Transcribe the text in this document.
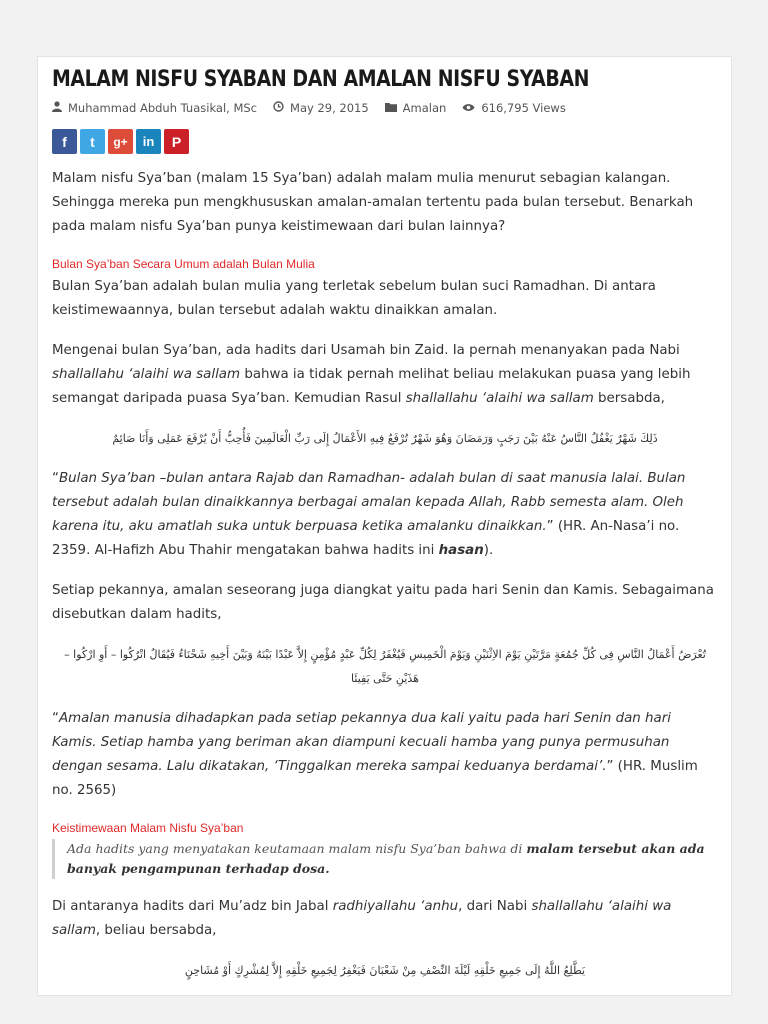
MALAM NISFU SYABAN DAN AMALAN NISFU SYABAN
Muhammad Abduh Tuasikal, MSc	May 29, 2015	Amalan	616,795 Views
f	t	g+	in	P

Malam nisfu Sya’ban (malam 15 Sya’ban) adalah malam mulia menurut sebagian kalangan. Sehingga mereka pun mengkhususkan amalan-amalan tertentu pada bulan tersebut. Benarkah pada malam nisfu Sya’ban punya keistimewaan dari bulan lainnya?

Bulan Sya’ban Secara Umum adalah Bulan Mulia

Bulan Sya’ban adalah bulan mulia yang terletak sebelum bulan suci Ramadhan. Di antara keistimewaannya, bulan tersebut adalah waktu dinaikkan amalan.

Mengenai bulan Sya’ban, ada hadits dari Usamah bin Zaid. Ia pernah menanyakan pada Nabi shallallahu ‘alaihi wa sallam bahwa ia tidak pernah melihat beliau melakukan puasa yang lebih semangat daripada puasa Sya’ban. Kemudian Rasul shallallahu ‘alaihi wa sallam bersabda,

ذَلِكَ شَهْرٌ يَغْفُلُ النَّاسُ عَنْهُ بَيْنَ رَجَبٍ وَرَمَضَانَ وَهُوَ شَهْرٌ تُرْفَعُ فِيهِ الأَعْمَالُ إِلَى رَبِّ الْعَالَمِينَ فَأُحِبُّ أَنْ يُرْفَعَ عَمَلِى وَأَنَا صَائِمٌ

“Bulan Sya’ban –bulan antara Rajab dan Ramadhan- adalah bulan di saat manusia lalai. Bulan tersebut adalah bulan dinaikkannya berbagai amalan kepada Allah, Rabb semesta alam. Oleh karena itu, aku amatlah suka untuk berpuasa ketika amalanku dinaikkan.” (HR. An-Nasa’i no. 2359. Al-Hafizh Abu Thahir mengatakan bahwa hadits ini hasan).

Setiap pekannya, amalan seseorang juga diangkat yaitu pada hari Senin dan Kamis. Sebagaimana disebutkan dalam hadits,

تُعْرَضُ أَعْمَالُ النَّاسِ فِى كُلِّ جُمُعَةٍ مَرَّتَيْنِ يَوْمَ الاِثْنَيْنِ وَيَوْمَ الْخَمِيسِ فَيُغْفَرُ لِكُلِّ عَبْدٍ مُؤْمِنٍ إِلاَّ عَبْدًا بَيْنَهُ وَبَيْنَ أَخِيهِ شَحْنَاءُ فَيُقَالُ اتْرُكُوا – أَوِ ارْكُوا – هَذَيْنِ حَتَّى يَفِيئَا

“Amalan manusia dihadapkan pada setiap pekannya dua kali yaitu pada hari Senin dan hari Kamis. Setiap hamba yang beriman akan diampuni kecuali hamba yang punya permusuhan dengan sesama. Lalu dikatakan, ‘Tinggalkan mereka sampai keduanya berdamai’.” (HR. Muslim no. 2565)

Keistimewaan Malam Nisfu Sya’ban
Ada hadits yang menyatakan keutamaan malam nisfu Sya’ban bahwa di malam tersebut akan ada banyak pengampunan terhadap dosa.

Di antaranya hadits dari Mu’adz bin Jabal radhiyallahu ‘anhu, dari Nabi shallallahu ‘alaihi wa sallam, beliau bersabda,

يَطَّلِعُ اللَّهُ إِلَى جَمِيعِ خَلْقِهِ لَيْلَةَ النِّصْفِ مِنْ شَعْبَانَ فَيَغْفِرُ لِجَمِيعِ خَلْقِهِ إِلاَّ لِمُشْرِكٍ أَوْ مُشَاحِنٍ
